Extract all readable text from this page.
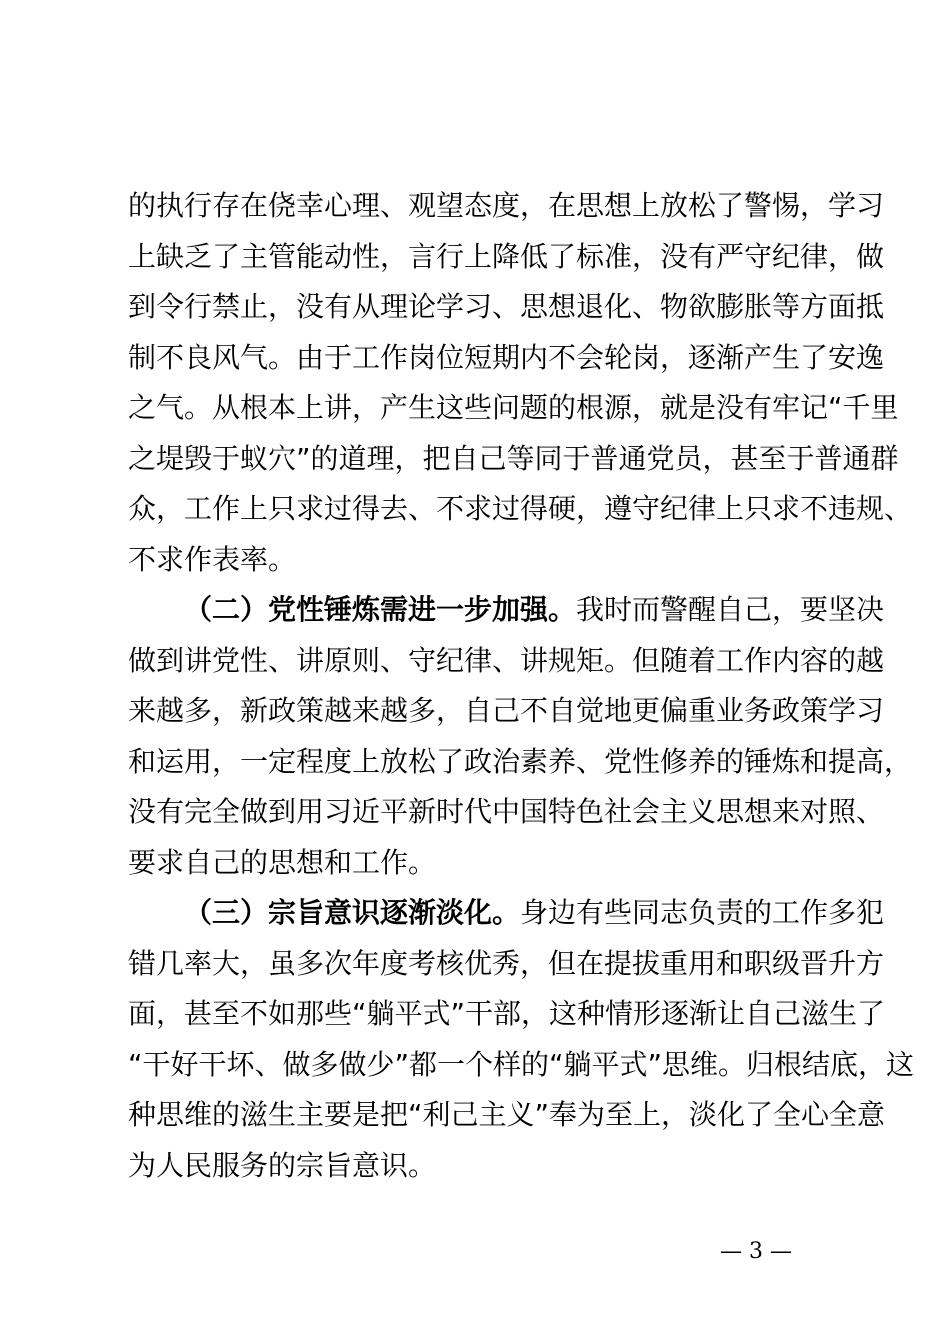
的执行存在侥幸心理、观望态度，在思想上放松了警惕，学习
上缺乏了主管能动性，言行上降低了标准，没有严守纪律，做
到令行禁止，没有从理论学习、思想退化、物欲膨胀等方面抵
制不良风气。由于工作岗位短期内不会轮岗，逐渐产生了安逸
之气。从根本上讲，产生这些问题的根源，就是没有牢记“千里
之堤毁于蚁穴”的道理，把自己等同于普通党员，甚至于普通群
众，工作上只求过得去、不求过得硬，遵守纪律上只求不违规、
不求作表率。
（二）党性锤炼需进一步加强。我时而警醒自己，要坚决
做到讲党性、讲原则、守纪律、讲规矩。但随着工作内容的越
来越多，新政策越来越多，自己不自觉地更偏重业务政策学习
和运用，一定程度上放松了政治素养、党性修养的锤炼和提高，
没有完全做到用习近平新时代中国特色社会主义思想来对照、
要求自己的思想和工作。
（三）宗旨意识逐渐淡化。身边有些同志负责的工作多犯
错几率大，虽多次年度考核优秀，但在提拔重用和职级晋升方
面，甚至不如那些“躺平式”干部，这种情形逐渐让自己滋生了
“干好干坏、做多做少”都一个样的“躺平式”思维。归根结底，这
种思维的滋生主要是把“利己主义”奉为至上，淡化了全心全意
为人民服务的宗旨意识。
— 3 —
